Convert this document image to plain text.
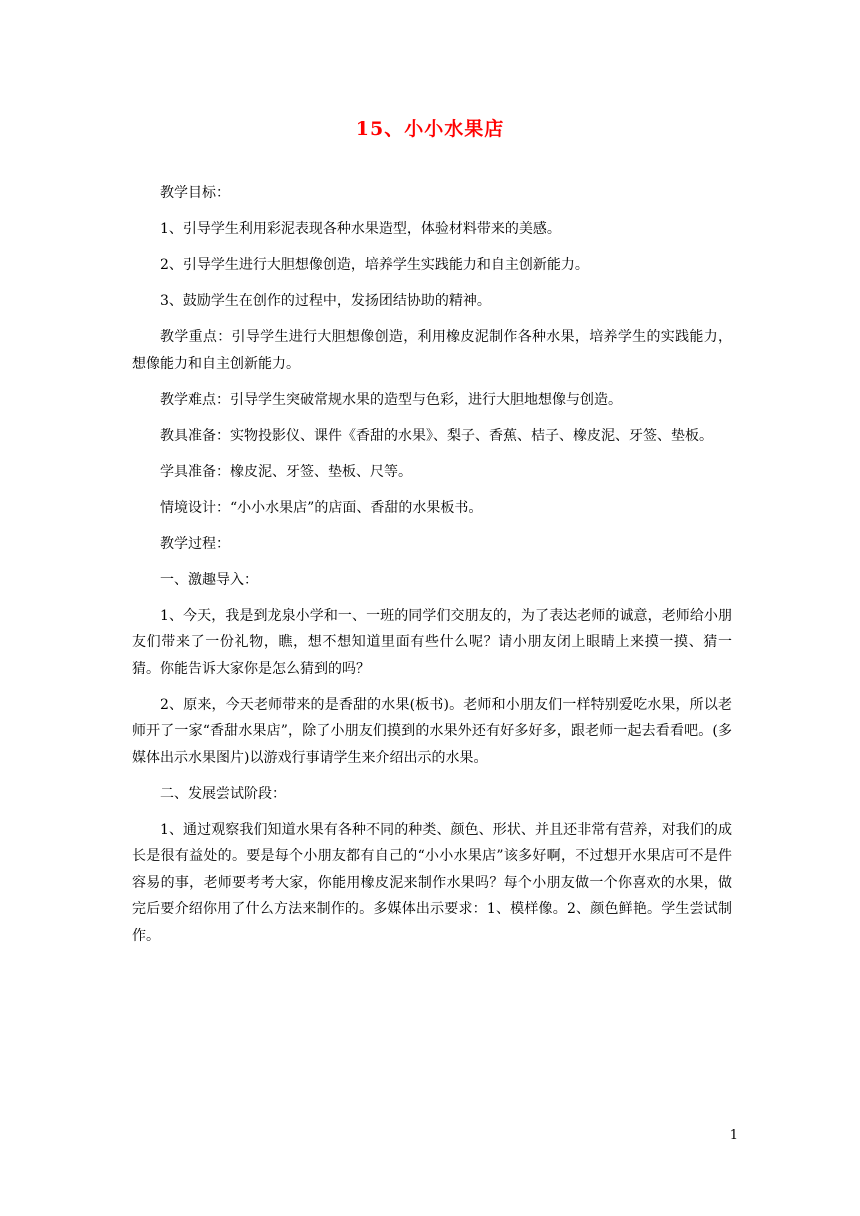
15、小小水果店

教学目标：

1、引导学生利用彩泥表现各种水果造型，体验材料带来的美感。

2、引导学生进行大胆想像创造，培养学生实践能力和自主创新能力。

3、鼓励学生在创作的过程中，发扬团结协助的精神。

教学重点：引导学生进行大胆想像创造，利用橡皮泥制作各种水果，培养学生的实践能力，想像能力和自主创新能力。

教学难点：引导学生突破常规水果的造型与色彩，进行大胆地想像与创造。

教具准备：实物投影仪、课件《香甜的水果》、梨子、香蕉、桔子、橡皮泥、牙签、垫板。

学具准备：橡皮泥、牙签、垫板、尺等。

情境设计：“小小水果店”的店面、香甜的水果板书。

教学过程：

一、激趣导入：

1、今天，我是到龙泉小学和一、一班的同学们交朋友的，为了表达老师的诚意，老师给小朋友们带来了一份礼物，瞧，想不想知道里面有些什么呢？请小朋友闭上眼睛上来摸一摸、猜一猜。你能告诉大家你是怎么猜到的吗？

2、原来，今天老师带来的是香甜的水果(板书)。老师和小朋友们一样特别爱吃水果，所以老师开了一家“香甜水果店”，除了小朋友们摸到的水果外还有好多好多，跟老师一起去看看吧。(多媒体出示水果图片)以游戏行事请学生来介绍出示的水果。

二、发展尝试阶段：

1、通过观察我们知道水果有各种不同的种类、颜色、形状、并且还非常有营养，对我们的成长是很有益处的。要是每个小朋友都有自己的“小小水果店”该多好啊，不过想开水果店可不是件容易的事，老师要考考大家，你能用橡皮泥来制作水果吗？每个小朋友做一个你喜欢的水果，做完后要介绍你用了什么方法来制作的。多媒体出示要求：1、模样像。2、颜色鲜艳。学生尝试制作。

1
